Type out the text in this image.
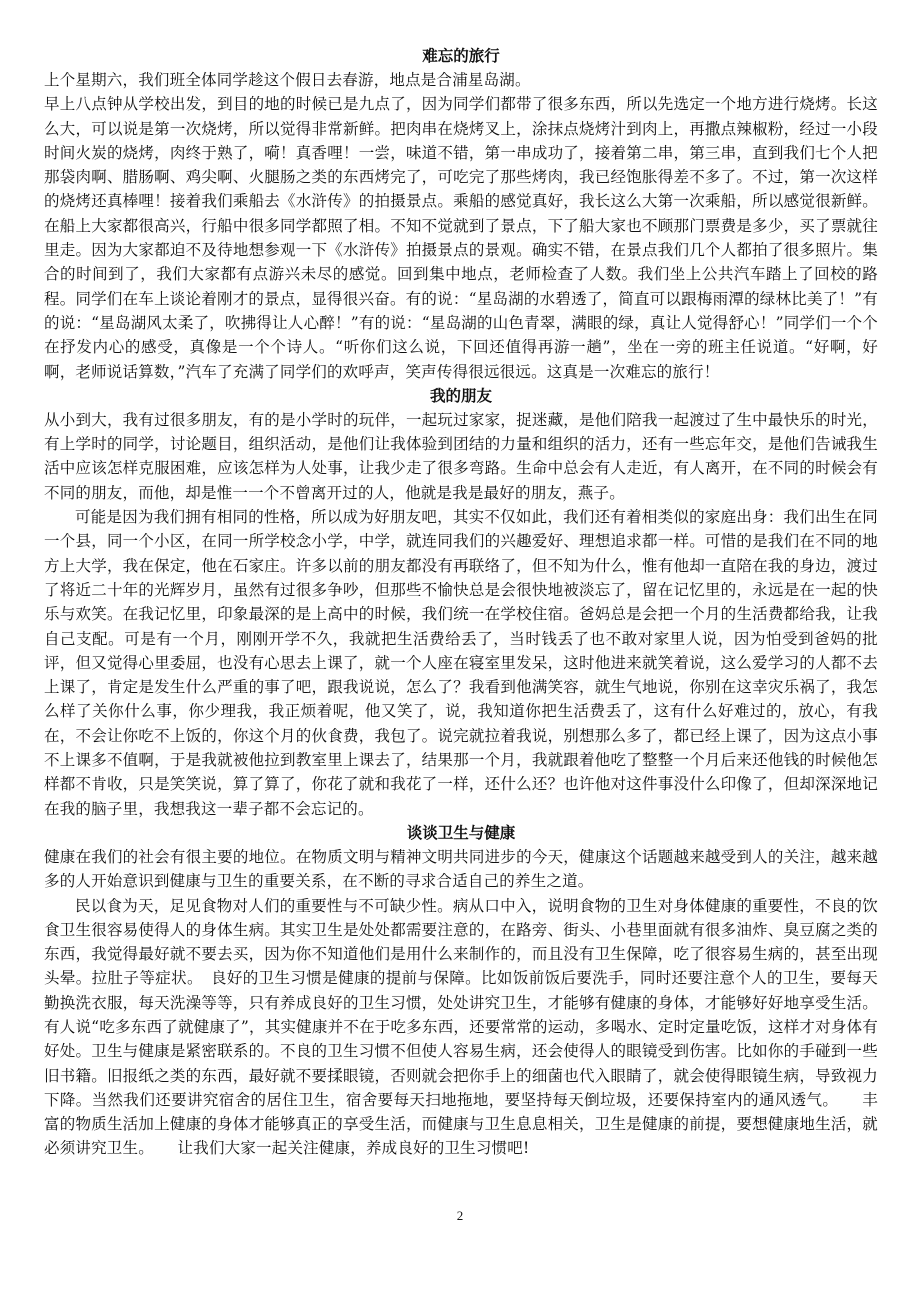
难忘的旅行

上个星期六，我们班全体同学趁这个假日去春游，地点是合浦星岛湖。

早上八点钟从学校出发，到目的地的时候已是九点了，因为同学们都带了很多东西，所以先选定一个地方进行烧烤。长这么大，可以说是第一次烧烤，所以觉得非常新鲜。把肉串在烧烤叉上，涂抹点烧烤汁到肉上，再撒点辣椒粉，经过一小段时间火炭的烧烤，肉终于熟了，嗬！真香哩！一尝，味道不错，第一串成功了，接着第二串，第三串，直到我们七个人把那袋肉啊、腊肠啊、鸡尖啊、火腿肠之类的东西烤完了，可吃完了那些烤肉，我已经饱胀得差不多了。不过，第一次这样的烧烤还真棒哩！接着我们乘船去《水浒传》的拍摄景点。乘船的感觉真好，我长这么大第一次乘船，所以感觉很新鲜。在船上大家都很高兴，行船中很多同学都照了相。不知不觉就到了景点，下了船大家也不顾那门票费是多少，买了票就往里走。因为大家都迫不及待地想参观一下《水浒传》拍摄景点的景观。确实不错，在景点我们几个人都拍了很多照片。集合的时间到了，我们大家都有点游兴未尽的感觉。回到集中地点，老师检查了人数。我们坐上公共汽车踏上了回校的路程。同学们在车上谈论着刚才的景点，显得很兴奋。有的说：“星岛湖的水碧透了，简直可以跟梅雨潭的绿林比美了！”有的说：“星岛湖风太柔了，吹拂得让人心醉！”有的说：“星岛湖的山色青翠，满眼的绿，真让人觉得舒心！”同学们一个个在抒发内心的感受，真像是一个个诗人。“听你们这么说，下回还值得再游一趟”，坐在一旁的班主任说道。“好啊，好啊，老师说话算数，”汽车了充满了同学们的欢呼声，笑声传得很远很远。这真是一次难忘的旅行！

我的朋友

从小到大，我有过很多朋友，有的是小学时的玩伴，一起玩过家家，捉迷藏，是他们陪我一起渡过了生中最快乐的时光，有上学时的同学，讨论题目，组织活动，是他们让我体验到团结的力量和组织的活力，还有一些忘年交，是他们告诫我生活中应该怎样克服困难，应该怎样为人处事，让我少走了很多弯路。生命中总会有人走近，有人离开，在不同的时候会有不同的朋友，而他，却是惟一一个不曾离开过的人，他就是我是最好的朋友，燕子。

可能是因为我们拥有相同的性格，所以成为好朋友吧，其实不仅如此，我们还有着相类似的家庭出身：我们出生在同一个县，同一个小区，在同一所学校念小学，中学，就连同我们的兴趣爱好、理想追求都一样。可惜的是我们在不同的地方上大学，我在保定，他在石家庄。许多以前的朋友都没有再联络了，但不知为什么，惟有他却一直陪在我的身边，渡过了将近二十年的光辉岁月，虽然有过很多争吵，但那些不愉快总是会很快地被淡忘了，留在记忆里的，永远是在一起的快乐与欢笑。在我记忆里，印象最深的是上高中的时候，我们统一在学校住宿。爸妈总是会把一个月的生活费都给我，让我自己支配。可是有一个月，刚刚开学不久，我就把生活费给丢了，当时钱丢了也不敢对家里人说，因为怕受到爸妈的批评，但又觉得心里委屈，也没有心思去上课了，就一个人座在寝室里发呆，这时他进来就笑着说，这么爱学习的人都不去上课了，肯定是发生什么严重的事了吧，跟我说说，怎么了？我看到他满笑容，就生气地说，你别在这幸灾乐祸了，我怎么样了关你什么事，你少理我，我正烦着呢，他又笑了，说，我知道你把生活费丢了，这有什么好难过的，放心，有我在，不会让你吃不上饭的，你这个月的伙食费，我包了。说完就拉着我说，别想那么多了，都已经上课了，因为这点小事不上课多不值啊，于是我就被他拉到教室里上课去了，结果那一个月，我就跟着他吃了整整一个月后来还他钱的时候他怎样都不肯收，只是笑笑说，算了算了，你花了就和我花了一样，还什么还？也许他对这件事没什么印像了，但却深深地记在我的脑子里，我想我这一辈子都不会忘记的。

谈谈卫生与健康

健康在我们的社会有很主要的地位。在物质文明与精神文明共同进步的今天，健康这个话题越来越受到人的关注，越来越多的人开始意识到健康与卫生的重要关系，在不断的寻求合适自己的养生之道。

民以食为天，足见食物对人们的重要性与不可缺少性。病从口中入，说明食物的卫生对身体健康的重要性，不良的饮食卫生很容易使得人的身体生病。其实卫生是处处都需要注意的，在路旁、街头、小巷里面就有很多油炸、臭豆腐之类的东西，我觉得最好就不要去买，因为你不知道他们是用什么来制作的，而且没有卫生保障，吃了很容易生病的，甚至出现头晕。拉肚子等症状。　良好的卫生习惯是健康的提前与保障。比如饭前饭后要洗手，同时还要注意个人的卫生，要每天勤换洗衣服，每天洗澡等等，只有养成良好的卫生习惯，处处讲究卫生，才能够有健康的身体，才能够好好地享受生活。有人说“吃多东西了就健康了”，其实健康并不在于吃多东西，还要常常的运动，多喝水、定时定量吃饭，这样才对身体有好处。卫生与健康是紧密联系的。不良的卫生习惯不但使人容易生病，还会使得人的眼镜受到伤害。比如你的手碰到一些旧书籍。旧报纸之类的东西，最好就不要揉眼镜，否则就会把你手上的细菌也代入眼睛了，就会使得眼镜生病，导致视力下降。当然我们还要讲究宿舍的居住卫生，宿舍要每天扫地拖地，要坚持每天倒垃圾，还要保持室内的通风透气。　　丰富的物质生活加上健康的身体才能够真正的享受生活，而健康与卫生息息相关，卫生是健康的前提，要想健康地生活，就必须讲究卫生。　　让我们大家一起关注健康，养成良好的卫生习惯吧!

2
